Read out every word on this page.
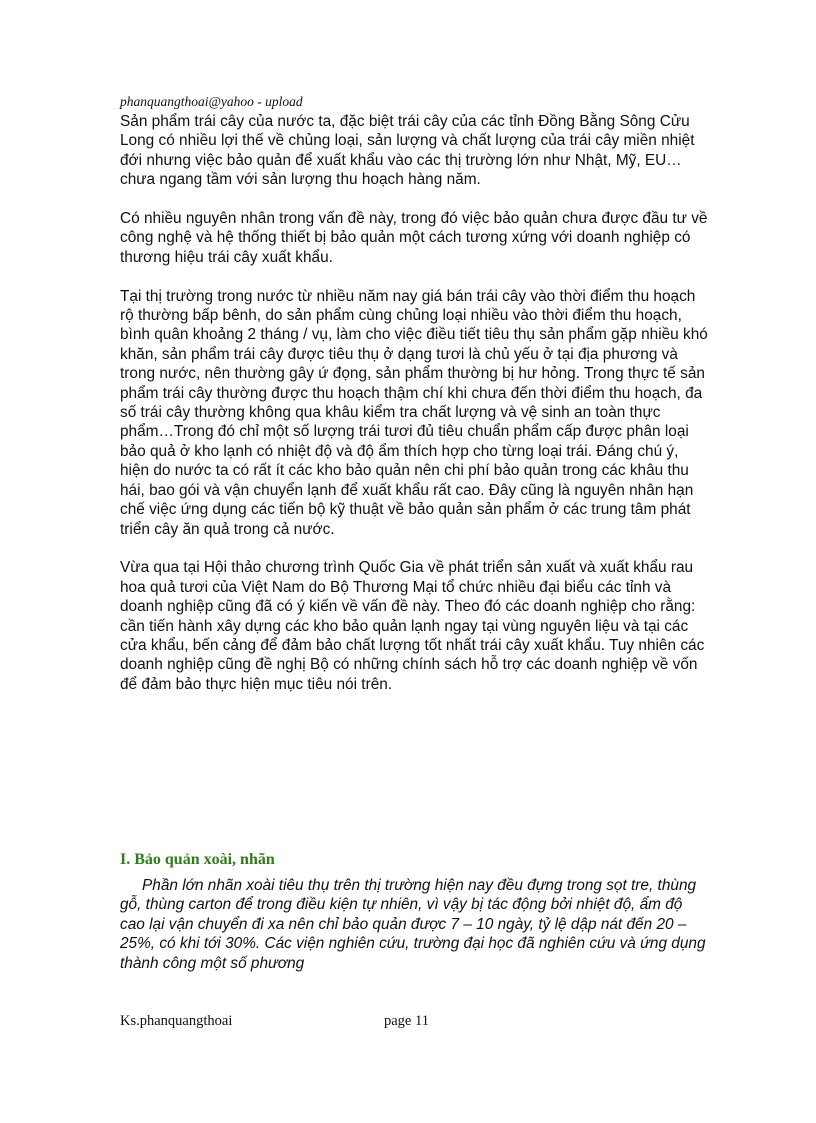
phanquangthoai@yahoo - upload

Sản phẩm trái cây của nước ta, đặc biệt trái cây của các tỉnh Đồng Bằng Sông Cửu Long có nhiều lợi thế về chủng loại, sản lượng và chất lượng của trái cây miền nhiệt đới nhưng việc bảo quản để xuất khẩu vào các thị trường lớn như Nhật, Mỹ, EU… chưa ngang tầm với sản lượng thu hoạch hàng năm.

Có nhiều nguyên nhân trong vấn đề này, trong đó việc bảo quản chưa được đầu tư về công nghệ và hệ thống thiết bị bảo quản một cách tương xứng với doanh nghiệp có thương hiệu trái cây xuất khẩu.

Tại thị trường trong nước từ nhiều năm nay giá bán trái cây vào thời điểm thu hoạch rộ thường bấp bênh, do sản phẩm cùng chủng loại nhiều vào thời điểm thu hoạch, bình quân khoảng 2 tháng / vụ, làm cho việc điều tiết tiêu thụ sản phẩm gặp nhiều khó khăn, sản phẩm trái cây được tiêu thụ ở dạng tươi là chủ yếu ở tại địa phương và trong nước, nên thường gây ứ đọng, sản phẩm thường bị hư hỏng. Trong thực tế sản phẩm trái cây thường được thu hoạch thậm chí khi chưa đến thời điểm thu hoạch, đa số trái cây thường không qua khâu kiểm tra chất lượng và vệ sinh an toàn thực phẩm…Trong đó chỉ một số lượng trái tươi đủ tiêu chuẩn phẩm cấp được phân loại bảo quả ở kho lạnh có nhiệt độ và độ ẩm thích hợp cho từng loại trái. Đáng chú ý, hiện do nước ta có rất ít các kho bảo quản nên chi phí bảo quản trong các khâu thu hái, bao gói và vận chuyển lạnh để xuất khẩu rất cao. Đây cũng là nguyên nhân hạn chế việc ứng dụng các tiến bộ kỹ thuật về bảo quản sản phẩm ở các trung tâm phát triển cây ăn quả trong cả nước.

Vừa qua tại Hội thảo chương trình Quốc Gia về phát triển sản xuất và xuất khẩu rau hoa quả tươi của Việt Nam do Bộ Thương Mại tổ chức nhiều đại biểu các tỉnh và doanh nghiệp cũng đã có ý kiến về vấn đề này. Theo đó các doanh nghiệp cho rằng: cần tiến hành xây dựng các kho bảo quản lạnh ngay tại vùng nguyên liệu và tại các cửa khẩu, bến cảng để đảm bảo chất lượng tốt nhất trái cây xuất khẩu. Tuy nhiên các doanh nghiệp cũng đề nghị Bộ có những chính sách hỗ trợ các doanh nghiệp về vốn để đảm bảo thực hiện mục tiêu nói trên.

I. Bảo quản xoài, nhãn

Phần lớn nhãn xoài tiêu thụ trên thị trường hiện nay đều đựng trong sọt tre, thùng gỗ, thùng carton để trong điều kiện tự nhiên, vì vậy bị tác động bởi nhiệt độ, ẩm độ cao lại vận chuyển đi xa nên chỉ bảo quản được 7 – 10 ngày, tỷ lệ dập nát đến 20 – 25%, có khi tới 30%. Các viện nghiên cứu, trường đại học đã nghiên cứu và ứng dụng thành công một số phương

Ks.phanquangthoai	page 11
